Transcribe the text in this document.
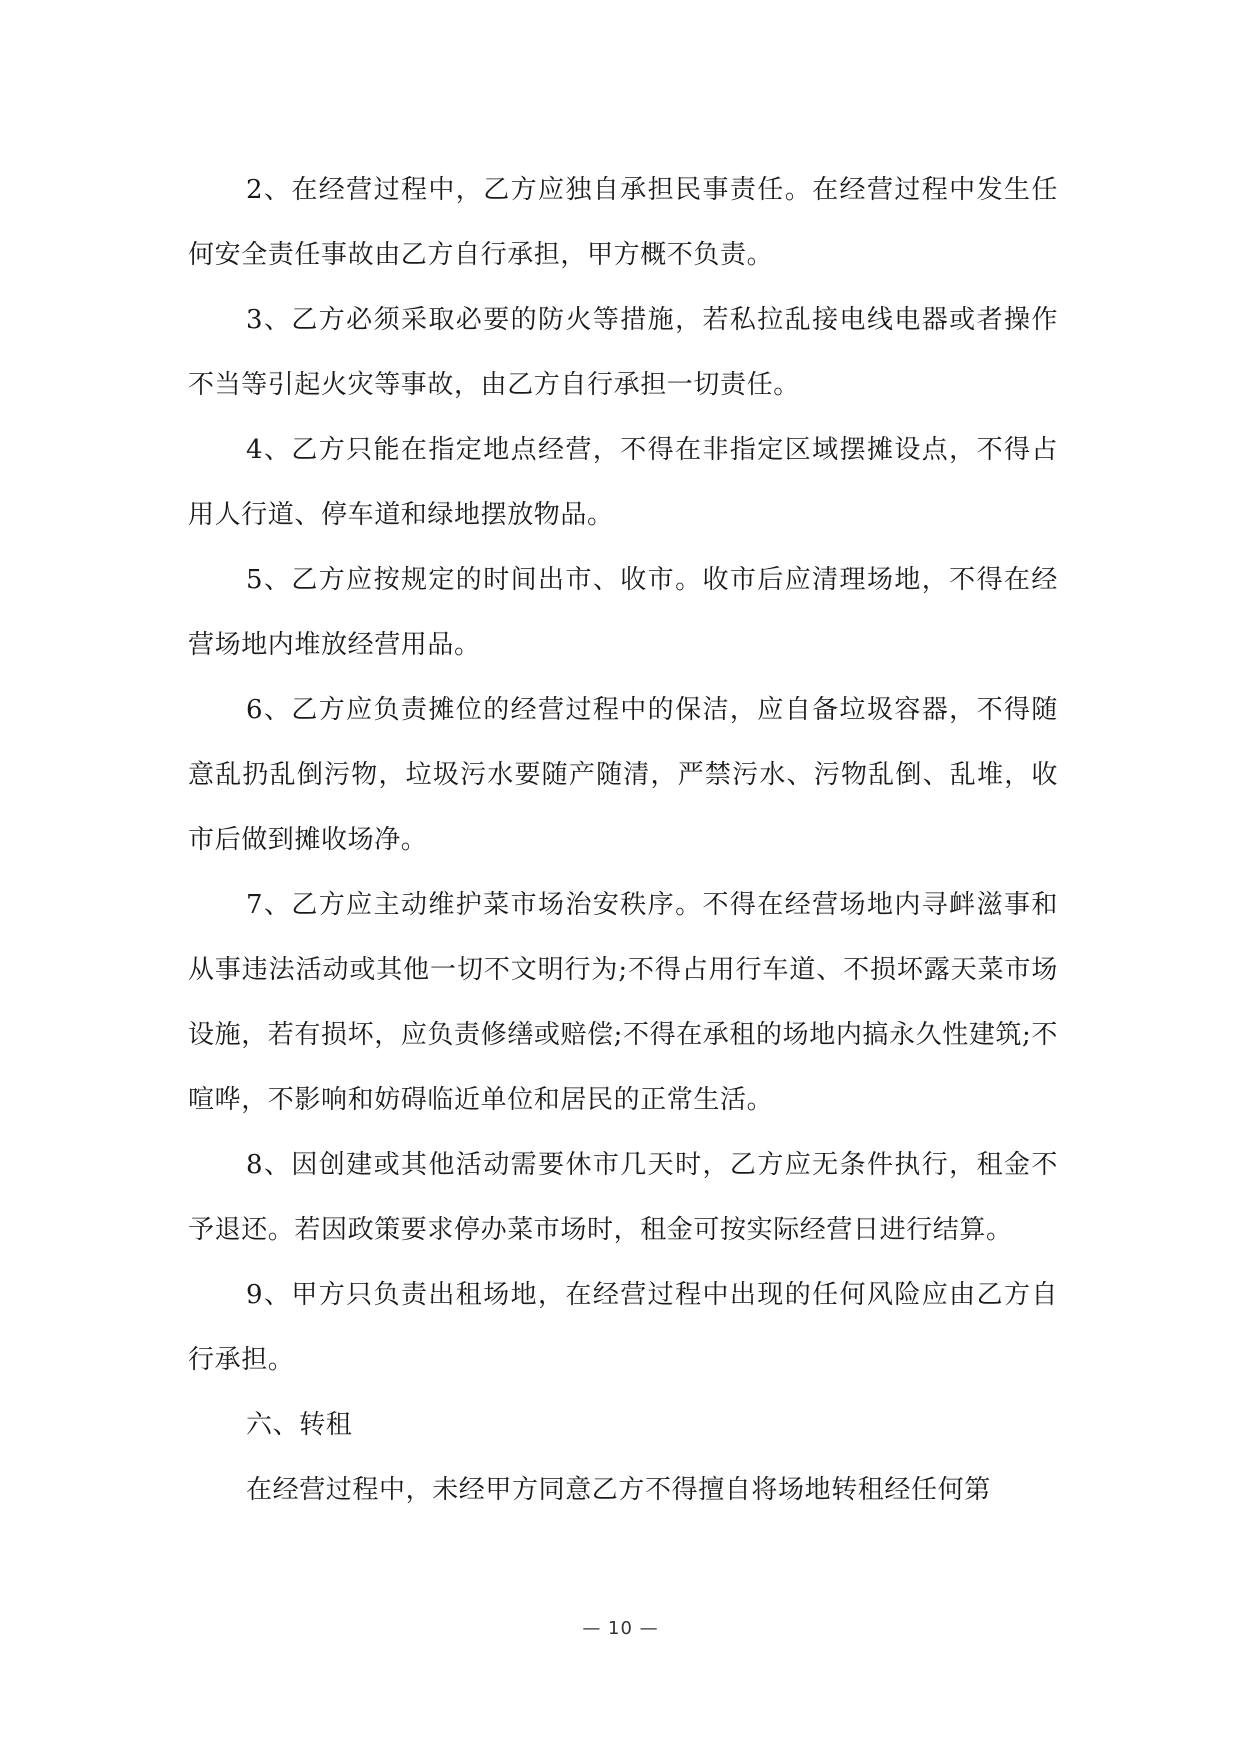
2、在经营过程中，乙方应独自承担民事责任。在经营过程中发生任何安全责任事故由乙方自行承担，甲方概不负责。

3、乙方必须采取必要的防火等措施，若私拉乱接电线电器或者操作不当等引起火灾等事故，由乙方自行承担一切责任。

4、乙方只能在指定地点经营，不得在非指定区域摆摊设点，不得占用人行道、停车道和绿地摆放物品。

5、乙方应按规定的时间出市、收市。收市后应清理场地，不得在经营场地内堆放经营用品。

6、乙方应负责摊位的经营过程中的保洁，应自备垃圾容器，不得随意乱扔乱倒污物，垃圾污水要随产随清，严禁污水、污物乱倒、乱堆，收市后做到摊收场净。

7、乙方应主动维护菜市场治安秩序。不得在经营场地内寻衅滋事和从事违法活动或其他一切不文明行为;不得占用行车道、不损坏露天菜市场设施，若有损坏，应负责修缮或赔偿;不得在承租的场地内搞永久性建筑;不喧哗，不影响和妨碍临近单位和居民的正常生活。

8、因创建或其他活动需要休市几天时，乙方应无条件执行，租金不予退还。若因政策要求停办菜市场时，租金可按实际经营日进行结算。

9、甲方只负责出租场地，在经营过程中出现的任何风险应由乙方自行承担。

六、转租

在经营过程中，未经甲方同意乙方不得擅自将场地转租经任何第

— 10 —
